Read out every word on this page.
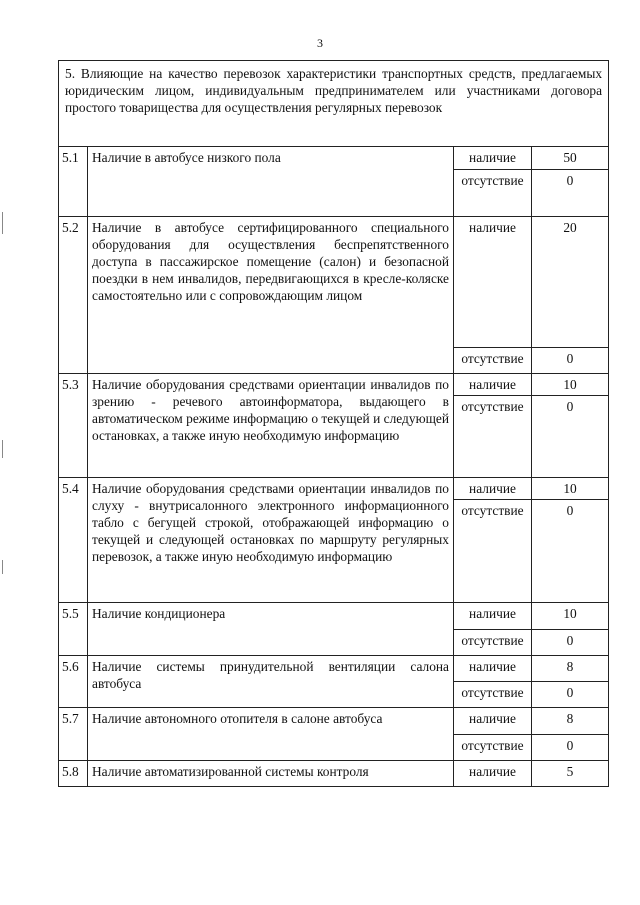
3
5. Влияющие на качество перевозок характеристики транспортных средств, предлагаемых юридическим лицом, индивидуальным предпринимателем или участниками договора простого товарищества для осуществления регулярных перевозок			
5.1	Наличие в автобусе низкого пола	наличие	50
		отсутствие	0

5.2	Наличие в автобусе сертифицированного специального оборудования для осуществления беспрепятственного доступа в пассажирское помещение (салон) и безопасной поездки в нем инвалидов, передвигающихся в кресле-коляске самостоятельно или с сопровождающим лицом	наличие	20
		отсутствие	0
5.3	Наличие оборудования средствами ориентации инвалидов по зрению - речевого автоинформатора, выдающего в автоматическом режиме информацию о текущей и следующей остановках, а также иную необходимую информацию	наличие	10
		отсутствие	0
5.4	Наличие оборудования средствами ориентации инвалидов по слуху - внутрисалонного электронного информационного табло с бегущей строкой, отображающей информацию о текущей и следующей остановках по маршруту регулярных перевозок, а также иную необходимую информацию	наличие	10
		отсутствие	0
5.5	Наличие кондиционера	наличие	10
		отсутствие	0
5.6	Наличие системы принудительной вентиляции салона автобуса	наличие	8
		отсутствие	0
5.7	Наличие автономного отопителя в салоне автобуса	наличие	8
		отсутствие	0
5.8	Наличие автоматизированной системы контроля	наличие	5
